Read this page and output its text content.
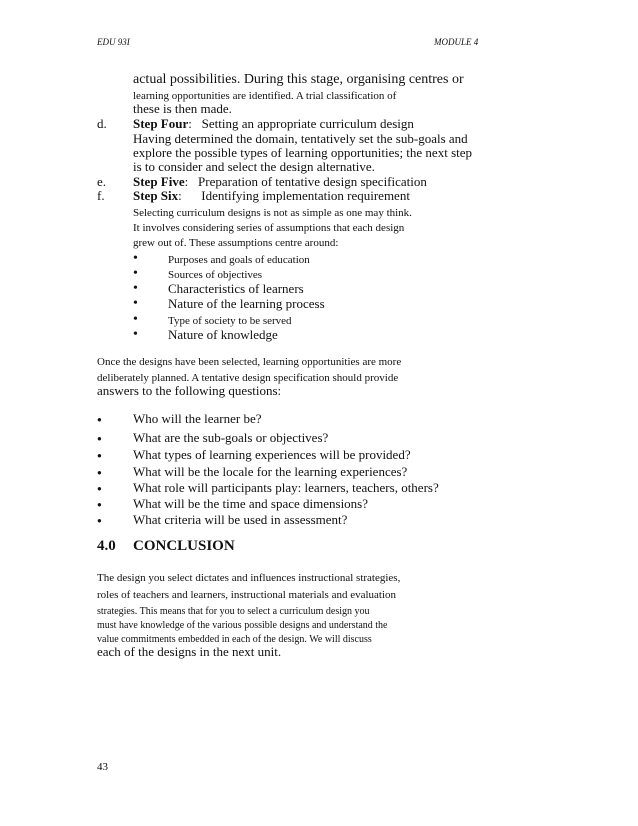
EDU 93I	MODULE 4
actual possibilities. During this stage, organising centres or
learning opportunities are identified. A trial classification of
these is then made.
d. Step Four: Setting an appropriate curriculum design
Having determined the domain, tentatively set the sub-goals and
explore the possible types of learning opportunities; the next step
is to consider and select the design alternative.
e. Step Five: Preparation of tentative design specification
f. Step Six: Identifying implementation requirement
Selecting curriculum designs is not as simple as one may think.
It involves considering series of assumptions that each design
grew out of. These assumptions centre around:
•	Purposes and goals of education
•	Sources of objectives
• Characteristics of learners
• Nature of the learning process
•	Type of society to be served
• Nature of knowledge
Once the designs have been selected, learning opportunities are more
deliberately planned. A tentative design specification should provide
answers to the following questions:
● Who will the learner be?
● What are the sub-goals or objectives?
● What types of learning experiences will be provided?
● What will be the locale for the learning experiences?
● What role will participants play: learners, teachers, others?
● What will be the time and space dimensions?
● What criteria will be used in assessment?
4.0 CONCLUSION
The design you select dictates and influences instructional strategies,
roles of teachers and learners, instructional materials and evaluation
strategies. This means that for you to select a curriculum design you
must have knowledge of the various possible designs and understand the
value commitments embedded in each of the design. We will discuss
each of the designs in the next unit.
43
